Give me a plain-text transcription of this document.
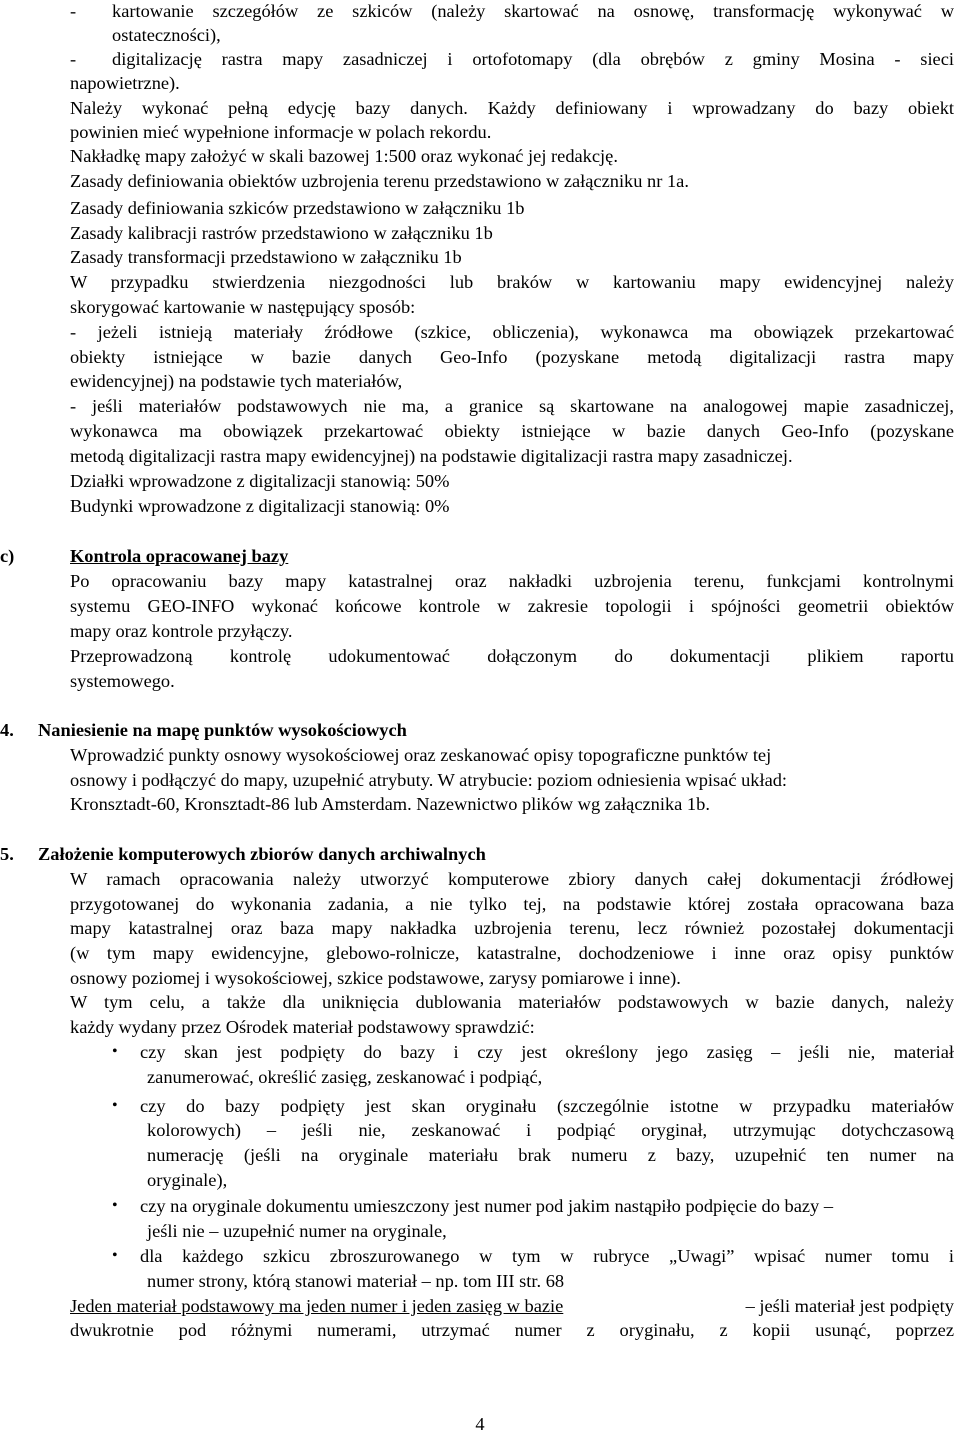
- kartowanie szczegółów ze szkiców (należy skartować na osnowę, transformację wykonywać w
ostateczności),
- digitalizację rastra mapy zasadniczej i ortofotomapy (dla obrębów z gminy Mosina - sieci
napowietrzne).
Należy wykonać pełną edycję bazy danych. Każdy definiowany i wprowadzany do bazy obiekt
powinien mieć wypełnione informacje w polach rekordu.
Nakładkę mapy założyć w skali bazowej 1:500 oraz wykonać jej redakcję.
Zasady definiowania obiektów uzbrojenia terenu przedstawiono w załączniku nr 1a.
Zasady definiowania szkiców przedstawiono w załączniku 1b
Zasady kalibracji rastrów przedstawiono w załączniku 1b
Zasady transformacji przedstawiono w załączniku 1b
W przypadku stwierdzenia niezgodności lub braków w kartowaniu mapy ewidencyjnej należy
skorygować kartowanie w następujący sposób:
- jeżeli istnieją materiały źródłowe (szkice, obliczenia), wykonawca ma obowiązek przekartować
obiekty istniejące w bazie danych Geo-Info (pozyskane metodą digitalizacji rastra mapy
ewidencyjnej) na podstawie tych materiałów,
- jeśli materiałów podstawowych nie ma, a granice są skartowane na analogowej mapie zasadniczej,
wykonawca ma obowiązek przekartować obiekty istniejące w bazie danych Geo-Info (pozyskane
metodą digitalizacji rastra mapy ewidencyjnej) na podstawie digitalizacji rastra mapy zasadniczej.
Działki wprowadzone z digitalizacji stanowią: 50%
Budynki wprowadzone z digitalizacji stanowią: 0%
c)	Kontrola opracowanej bazy
Po opracowaniu bazy mapy katastralnej oraz nakładki uzbrojenia terenu, funkcjami kontrolnymi
systemu GEO-INFO wykonać końcowe kontrole w zakresie topologii i spójności geometrii obiektów
mapy oraz kontrole przyłączy.
Przeprowadzoną kontrolę udokumentować dołączonym do dokumentacji plikiem raportu
systemowego.
4. Naniesienie na mapę punktów wysokościowych
Wprowadzić punkty osnowy wysokościowej oraz zeskanować opisy topograficzne punktów tej
osnowy i podłączyć do mapy, uzupełnić atrybuty. W atrybucie: poziom odniesienia wpisać układ:
Kronsztadt-60, Kronsztadt-86 lub Amsterdam. Nazewnictwo plików wg załącznika 1b.
5. Założenie komputerowych zbiorów danych archiwalnych
W ramach opracowania należy utworzyć komputerowe zbiory danych całej dokumentacji źródłowej
przygotowanej do wykonania zadania, a nie tylko tej, na podstawie której została opracowana baza
mapy katastralnej oraz baza mapy nakładka uzbrojenia terenu, lecz również pozostałej dokumentacji
(w tym mapy ewidencyjne, glebowo-rolnicze, katastralne, dochodzeniowe i inne oraz opisy punktów
osnowy poziomej i wysokościowej, szkice podstawowe, zarysy pomiarowe i inne).
W tym celu, a także dla uniknięcia dublowania materiałów podstawowych w bazie danych, należy
każdy wydany przez Ośrodek materiał podstawowy sprawdzić:
• czy skan jest podpięty do bazy i czy jest określony jego zasięg – jeśli nie, materiał
zanumerować, określić zasięg, zeskanować i podpiąć,
• czy do bazy podpięty jest skan oryginału (szczególnie istotne w przypadku materiałów
kolorowych) – jeśli nie, zeskanować i podpiąć oryginał, utrzymując dotychczasową
numerację (jeśli na oryginale materiału brak numeru z bazy, uzupełnić ten numer na
oryginale),
• czy na oryginale dokumentu umieszczony jest numer pod jakim nastąpiło podpięcie do bazy –
jeśli nie – uzupełnić numer na oryginale,
• dla każdego szkicu zbroszurowanego w tym w rubryce „Uwagi” wpisać numer tomu i
numer strony, którą stanowi materiał – np. tom III str. 68
Jeden materiał podstawowy ma jeden numer i jeden zasięg w bazie	– jeśli materiał jest podpięty
dwukrotnie pod różnymi numerami, utrzymać numer z oryginału, z kopii usunąć, poprzez
4
